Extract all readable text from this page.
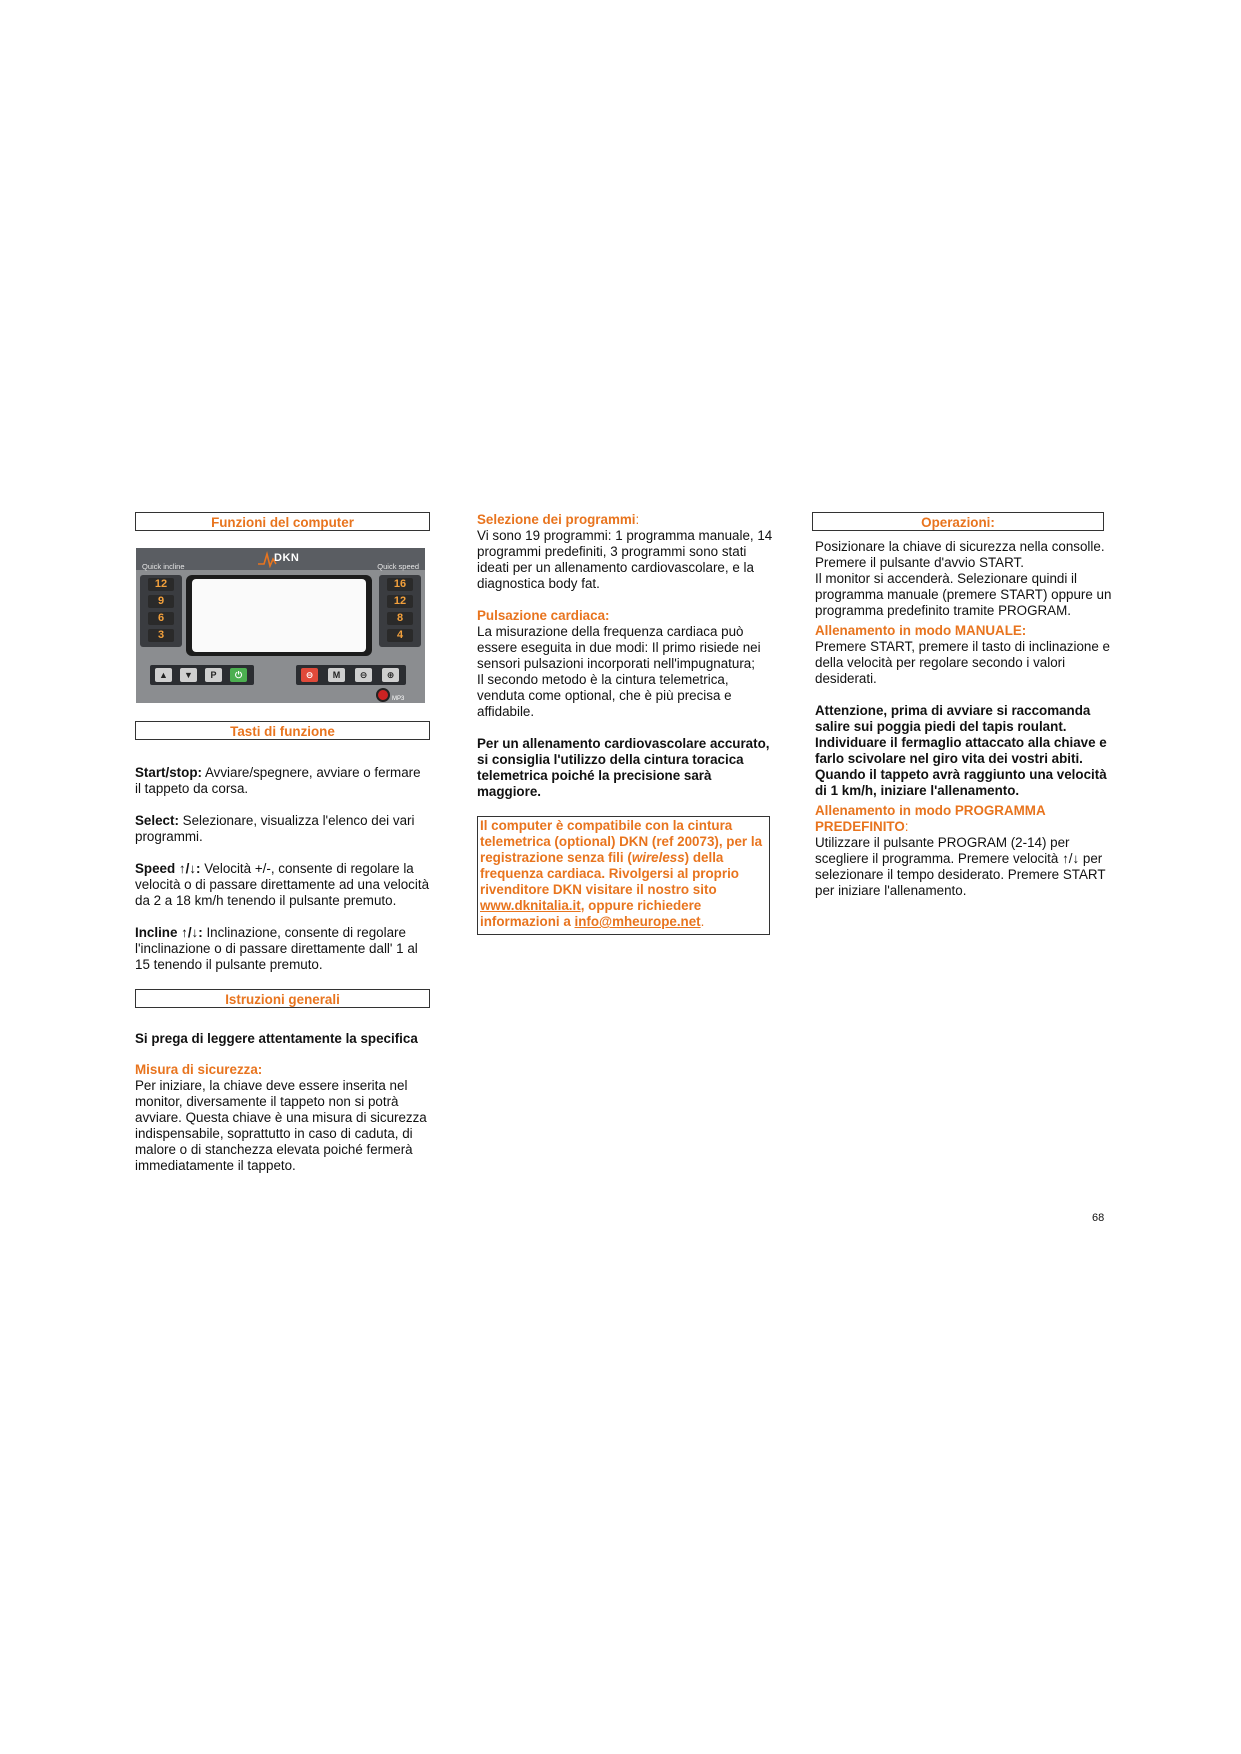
Funzioni del computer
Quick incline	Quick speed
DKN
12
9
6
3
16
12
8
4
▲	▼	P	⏻	⊖	M	⊖	⊕
MP3
Tasti di funzione

Start/stop: Avviare/spegnere, avviare o fermare il tappeto da corsa.

Select: Selezionare, visualizza l'elenco dei vari programmi.

Speed ↑/↓: Velocità +/-, consente di regolare la velocità o di passare direttamente ad una velocità da 2 a 18 km/h tenendo il pulsante premuto.

Incline ↑/↓: Inclinazione, consente di regolare l'inclinazione o di passare direttamente dall' 1 al 15 tenendo il pulsante premuto.

Istruzioni generali

Si prega di leggere attentamente la specifica

Misura di sicurezza:

Per iniziare, la chiave deve essere inserita nel monitor, diversamente il tappeto non si potrà avviare. Questa chiave è una misura di sicurezza indispensabile, soprattutto in caso di caduta, di malore o di stanchezza elevata poiché fermerà immediatamente il tappeto.

Selezione dei programmi:

Vi sono 19 programmi: 1 programma manuale, 14 programmi predefiniti, 3 programmi sono stati ideati per un allenamento cardiovascolare, e la diagnostica body fat.

Pulsazione cardiaca:

La misurazione della frequenza cardiaca può essere eseguita in due modi: Il primo risiede nei sensori pulsazioni incorporati nell'impugnatura;

Il secondo metodo è la cintura telemetrica, venduta come optional, che è più precisa e affidabile.

Per un allenamento cardiovascolare accurato, si consiglia l'utilizzo della cintura toracica telemetrica poiché la precisione sarà maggiore.

Il computer è compatibile con la cintura telemetrica (optional) DKN (ref 20073), per la registrazione senza fili (wireless) della frequenza cardiaca. Rivolgersi al proprio rivenditore DKN visitare il nostro sito www.dknitalia.it, oppure richiedere informazioni a info@mheurope.net.
Operazioni:

Posizionare la chiave di sicurezza nella consolle.

Premere il pulsante d'avvio START.

Il monitor si accenderà. Selezionare quindi il programma manuale (premere START) oppure un programma predefinito tramite PROGRAM.

Allenamento in modo MANUALE:

Premere START, premere il tasto di inclinazione e della velocità per regolare secondo i valori desiderati.

Attenzione, prima di avviare si raccomanda salire sui poggia piedi del tapis roulant. Individuare il fermaglio attaccato alla chiave e farlo scivolare nel giro vita dei vostri abiti. Quando il tappeto avrà raggiunto una velocità di 1 km/h, iniziare l'allenamento.

Allenamento in modo PROGRAMMA PREDEFINITO:

Utilizzare il pulsante PROGRAM (2-14) per scegliere il programma. Premere velocità ↑/↓ per selezionare il tempo desiderato. Premere START per iniziare l'allenamento.

68
